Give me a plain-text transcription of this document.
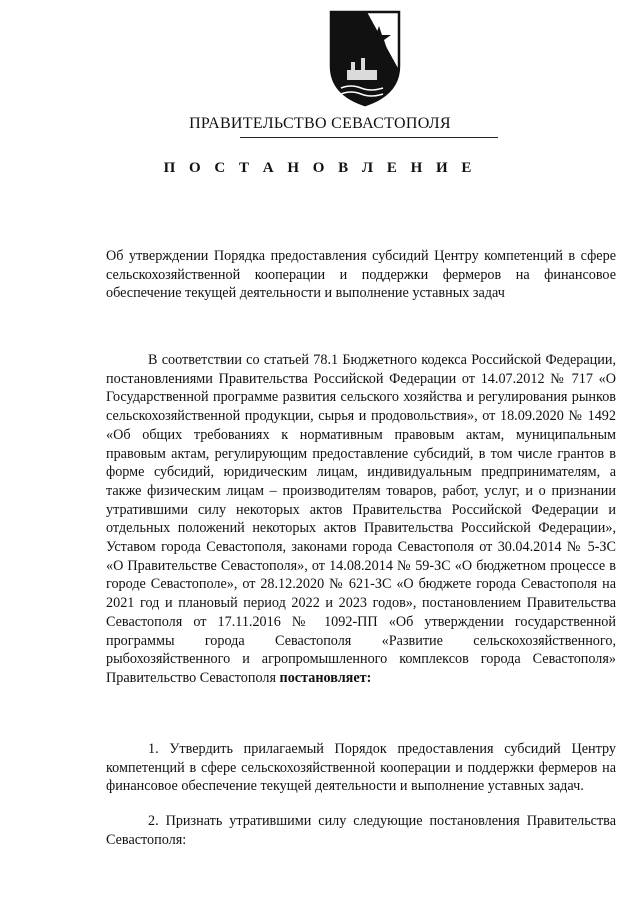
ПРАВИТЕЛЬСТВО СЕВАСТОПОЛЯ
П О С Т А Н О В Л Е Н И Е

Об утверждении Порядка предоставления субсидий Центру компетенций в сфере сельскохозяйственной кооперации и поддержки фермеров на финансовое обеспечение текущей деятельности и выполнение уставных задач

В соответствии со статьей 78.1 Бюджетного кодекса Российской Федерации, постановлениями Правительства Российской Федерации от 14.07.2012 № 717 «О Государственной программе развития сельского хозяйства и регулирования рынков сельскохозяйственной продукции, сырья и продовольствия», от 18.09.2020 № 1492 «Об общих требованиях к нормативным правовым актам, муниципальным правовым актам, регулирующим предоставление субсидий, в том числе грантов в форме субсидий, юридическим лицам, индивидуальным предпринимателям, а также физическим лицам – производителям товаров, работ, услуг, и о признании утратившими силу некоторых актов Правительства Российской Федерации и отдельных положений некоторых актов Правительства Российской Федерации», Уставом города Севастополя, законами города Севастополя от 30.04.2014 № 5-ЗС «О Правительстве Севастополя», от 14.08.2014 № 59-ЗС «О бюджетном процессе в городе Севастополе», от 28.12.2020 № 621-ЗС «О бюджете города Севастополя на 2021 год и плановый период 2022 и 2023 годов», постановлением Правительства Севастополя от 17.11.2016 № 1092-ПП «Об утверждении государственной программы города Севастополя «Развитие сельскохозяйственного, рыбохозяйственного и агропромышленного комплексов города Севастополя» Правительство Севастополя постановляет:

1. Утвердить прилагаемый Порядок предоставления субсидий Центру компетенций в сфере сельскохозяйственной кооперации и поддержки фермеров на финансовое обеспечение текущей деятельности и выполнение уставных задач.

2. Признать утратившими силу следующие постановления Правительства Севастополя:
